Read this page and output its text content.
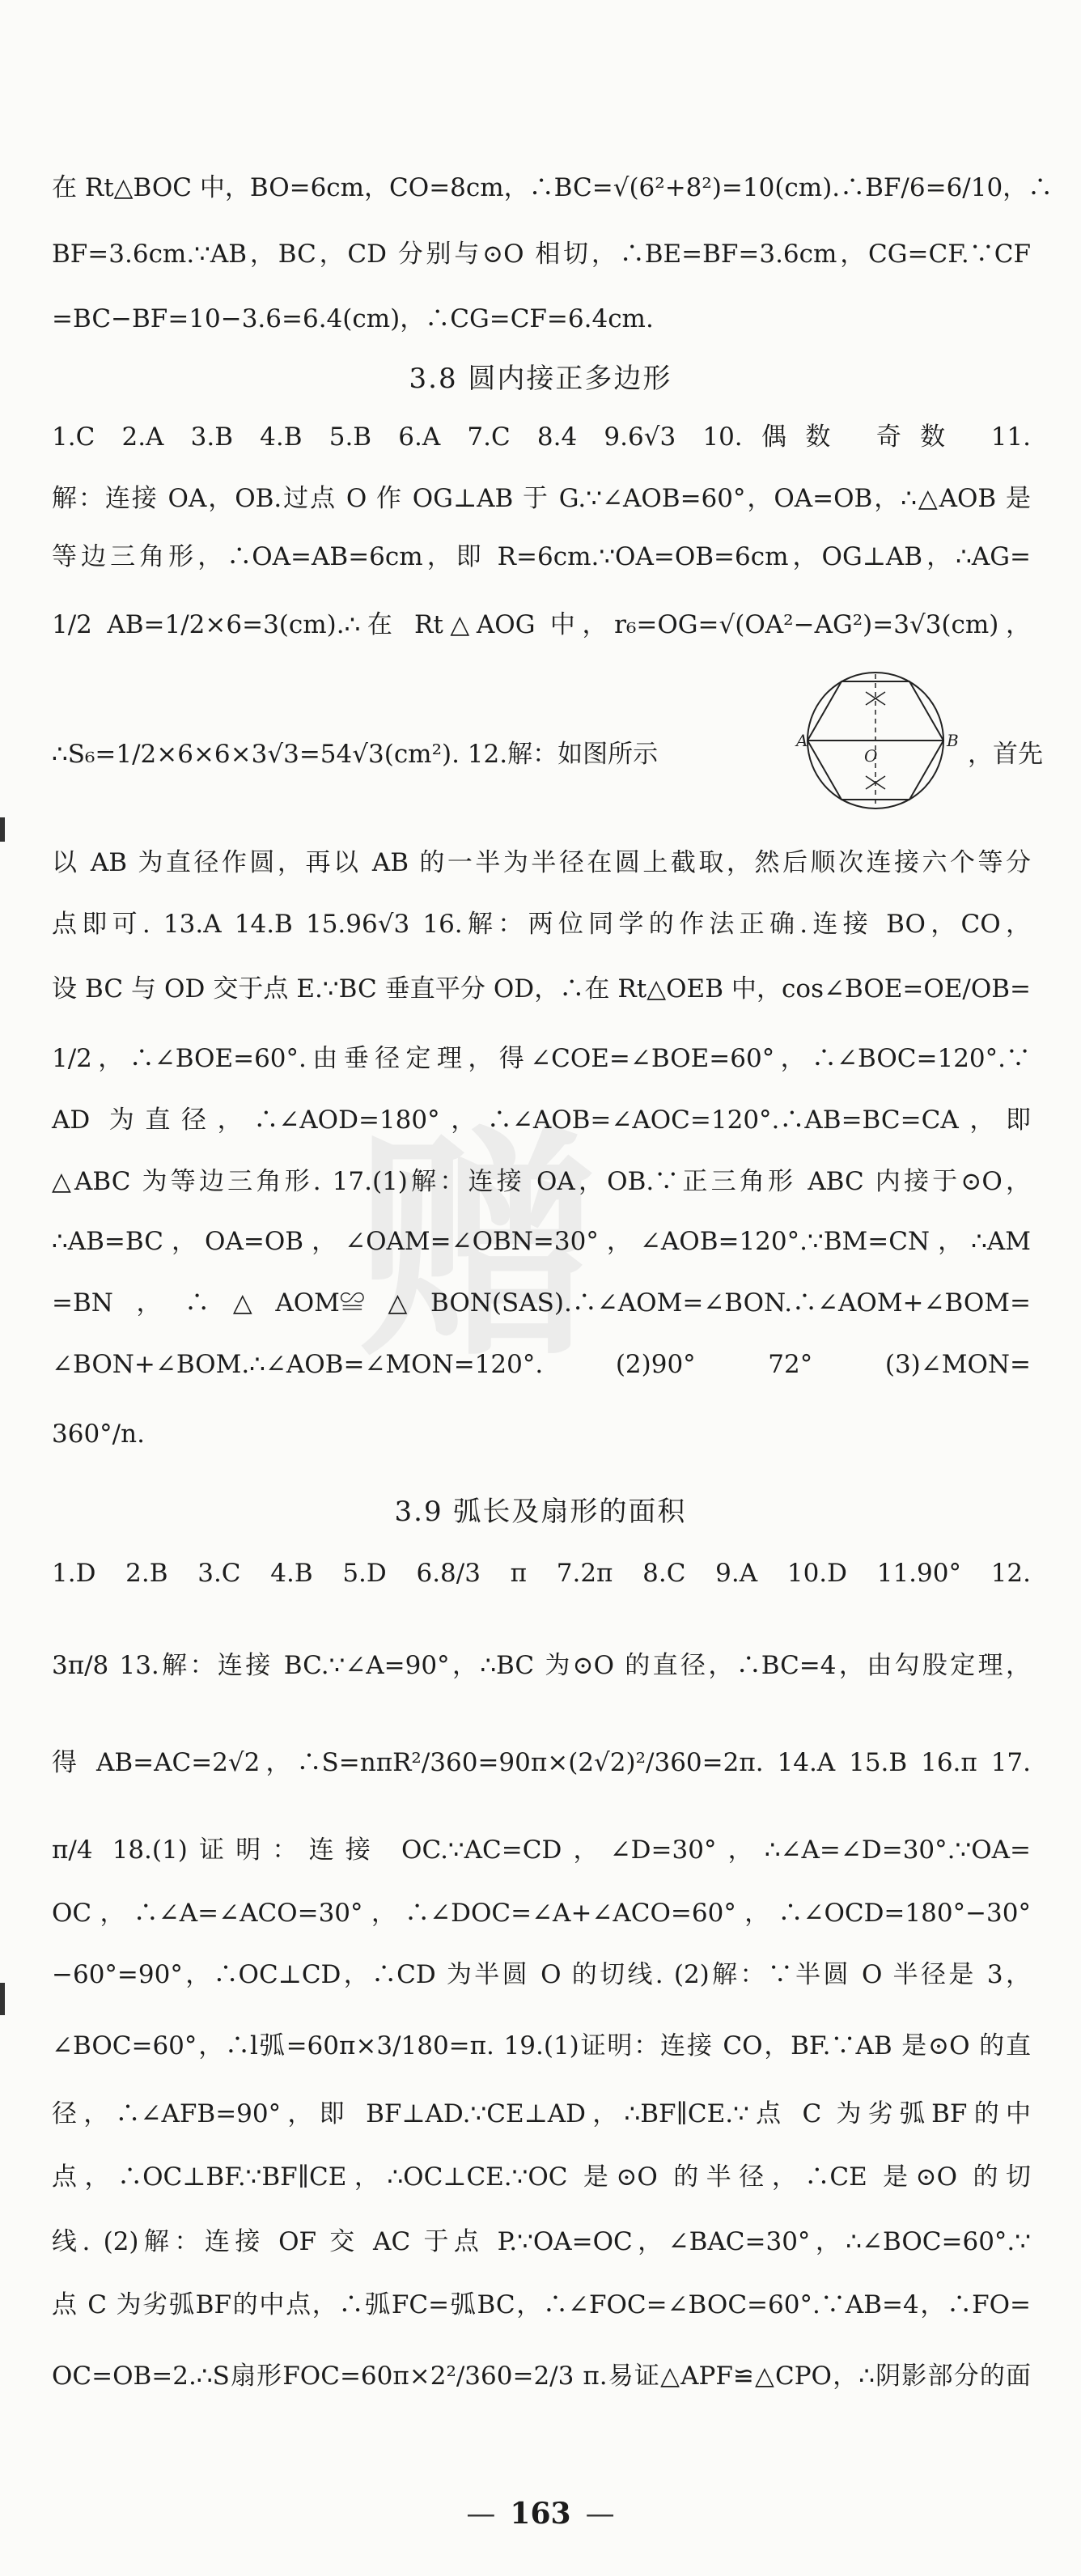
赠
在 Rt△BOC 中，BO=6cm，CO=8cm，∴BC=√(6²+8²)=10(cm).∴BF/6=6/10，∴
BF=3.6cm.∵AB，BC，CD 分别与⊙O 相切，∴BE=BF=3.6cm，CG=CF.∵CF
=BC−BF=10−3.6=6.4(cm)，∴CG=CF=6.4cm.
3.8 圆内接正多边形
1.C 2.A 3.B 4.B 5.B 6.A 7.C 8.4 9.6√3 10.偶数 奇数 11.
解：连接 OA，OB.过点 O 作 OG⊥AB 于 G.∵∠AOB=60°，OA=OB，∴△AOB 是
等边三角形，∴OA=AB=6cm，即 R=6cm.∵OA=OB=6cm，OG⊥AB，∴AG=
1/2 AB=1/2×6=3(cm).∴在 Rt△AOG 中，r₆=OG=√(OA²−AG²)=3√3(cm)，
∴S₆=1/2×6×6×3√3=54√3(cm²). 12.解：如图所示	，首先
A	B
O
以 AB 为直径作圆，再以 AB 的一半为半径在圆上截取，然后顺次连接六个等分
点即可. 13.A 14.B 15.96√3 16.解：两位同学的作法正确.连接 BO，CO，
设 BC 与 OD 交于点 E.∵BC 垂直平分 OD，∴在 Rt△OEB 中，cos∠BOE=OE/OB=
1/2，∴∠BOE=60°.由垂径定理，得∠COE=∠BOE=60°，∴∠BOC=120°.∵
AD 为直径，∴∠AOD=180°，∴∠AOB=∠AOC=120°.∴AB=BC=CA，即
△ABC 为等边三角形. 17.(1)解：连接 OA，OB.∵正三角形 ABC 内接于⊙O，
∴AB=BC，OA=OB，∠OAM=∠OBN=30°，∠AOB=120°.∵BM=CN，∴AM
=BN，∴△AOM≌△BON(SAS).∴∠AOM=∠BON.∴∠AOM+∠BOM=
∠BON+∠BOM.∴∠AOB=∠MON=120°. (2)90° 72° (3)∠MON=
360°/n.
3.9 弧长及扇形的面积
1.D 2.B 3.C 4.B 5.D 6.8/3 π 7.2π 8.C 9.A 10.D 11.90° 12.
3π/8 13.解：连接 BC.∵∠A=90°，∴BC 为⊙O 的直径，∴BC=4，由勾股定理，
得 AB=AC=2√2，∴S=nπR²/360=90π×(2√2)²/360=2π. 14.A 15.B 16.π 17.
π/4 18.(1)证明：连接 OC.∵AC=CD，∠D=30°，∴∠A=∠D=30°.∵OA=
OC，∴∠A=∠ACO=30°，∴∠DOC=∠A+∠ACO=60°，∴∠OCD=180°−30°
−60°=90°，∴OC⊥CD，∴CD 为半圆 O 的切线. (2)解：∵半圆 O 半径是 3，
∠BOC=60°，∴l弧=60π×3/180=π. 19.(1)证明：连接 CO，BF.∵AB 是⊙O 的直
径，∴∠AFB=90°，即 BF⊥AD.∵CE⊥AD，∴BF∥CE.∵点 C 为劣弧BF的中
点，∴OC⊥BF.∵BF∥CE，∴OC⊥CE.∵OC 是⊙O 的半径，∴CE 是⊙O 的切
线. (2)解：连接 OF 交 AC 于点 P.∵OA=OC，∠BAC=30°，∴∠BOC=60°.∵
点 C 为劣弧BF的中点，∴弧FC=弧BC，∴∠FOC=∠BOC=60°.∵AB=4，∴FO=
OC=OB=2.∴S扇形FOC=60π×2²/360=2/3 π.易证△APF≌△CPO，∴阴影部分的面
— 163 —
